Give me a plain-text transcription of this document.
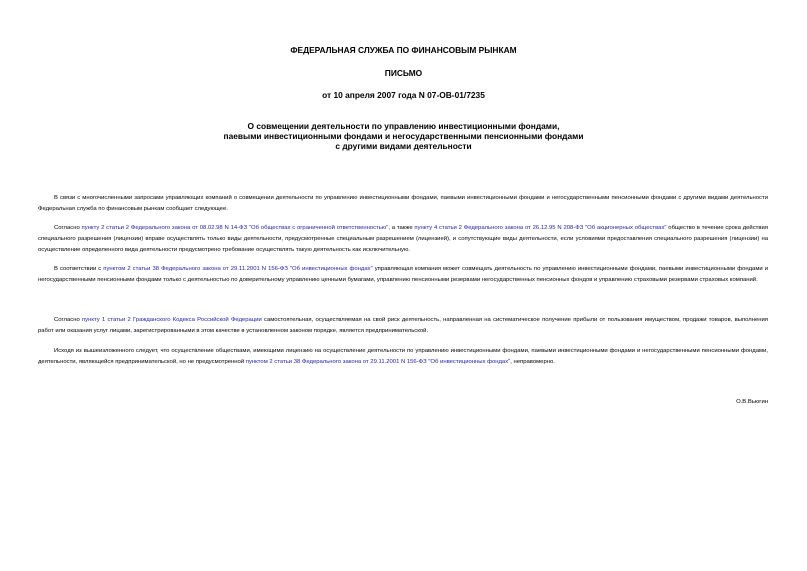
ФЕДЕРАЛЬНАЯ СЛУЖБА ПО ФИНАНСОВЫМ РЫНКАМ

ПИСЬМО

от 10 апреля 2007 года N 07-ОВ-01/7235

О совмещении деятельности по управлению инвестиционными фондами,
паевыми инвестиционными фондами и негосударственными пенсионными фондами
с другими видами деятельности

В связи с многочисленными запросами управляющих компаний о совмещении деятельности по управлению инвестиционными фондами, паевыми инвестиционными фондами и негосударственными пенсионными фондами с другими видами деятельности Федеральная служба по финансовым рынкам сообщает следующее.

Согласно пункту 2 статьи 2 Федерального закона от 08.02.98 N 14-ФЗ "Об обществах с ограниченной ответственностью", а также пункту 4 статьи 2 Федерального закона от 26.12.95 N 208-ФЗ "Об акционерных обществах" общество в течение срока действия специального разрешения (лицензии) вправе осуществлять только виды деятельности, предусмотренные специальным разрешением (лицензией), и сопутствующие виды деятельности, если условиями предоставления специального разрешения (лицензии) на осуществление определенного вида деятельности предусмотрено требование осуществлять такую деятельность как исключительную.

В соответствии с пунктом 2 статьи 38 Федерального закона от 29.11.2001 N 156-ФЗ "Об инвестиционных фондах" управляющая компания может совмещать деятельность по управлению инвестиционными фондами, паевыми инвестиционными фондами и негосударственными пенсионными фондами только с деятельностью по доверительному управлению ценными бумагами, управлению пенсионными резервами негосударственных пенсионных фондов и управлению страховыми резервами страховых компаний.

Согласно пункту 1 статьи 2 Гражданского Кодекса Российской Федерации самостоятельная, осуществляемая на свой риск деятельность, направленная на систематическое получение прибыли от пользования имуществом, продажи товаров, выполнения работ или оказания услуг лицами, зарегистрированными в этом качестве в установленном законом порядке, является предпринимательской.

Исходя из вышеизложенного следует, что осуществление обществами, имеющими лицензию на осуществление деятельности по управлению инвестиционными фондами, паевыми инвестиционными фондами и негосударственными пенсионными фондами, деятельности, являющейся предпринимательской, но не предусмотренной пунктом 2 статьи 38 Федерального закона от 29.11.2001 N 156-ФЗ "Об инвестиционных фондах", неправомерно.

О.В.Вьюгин
